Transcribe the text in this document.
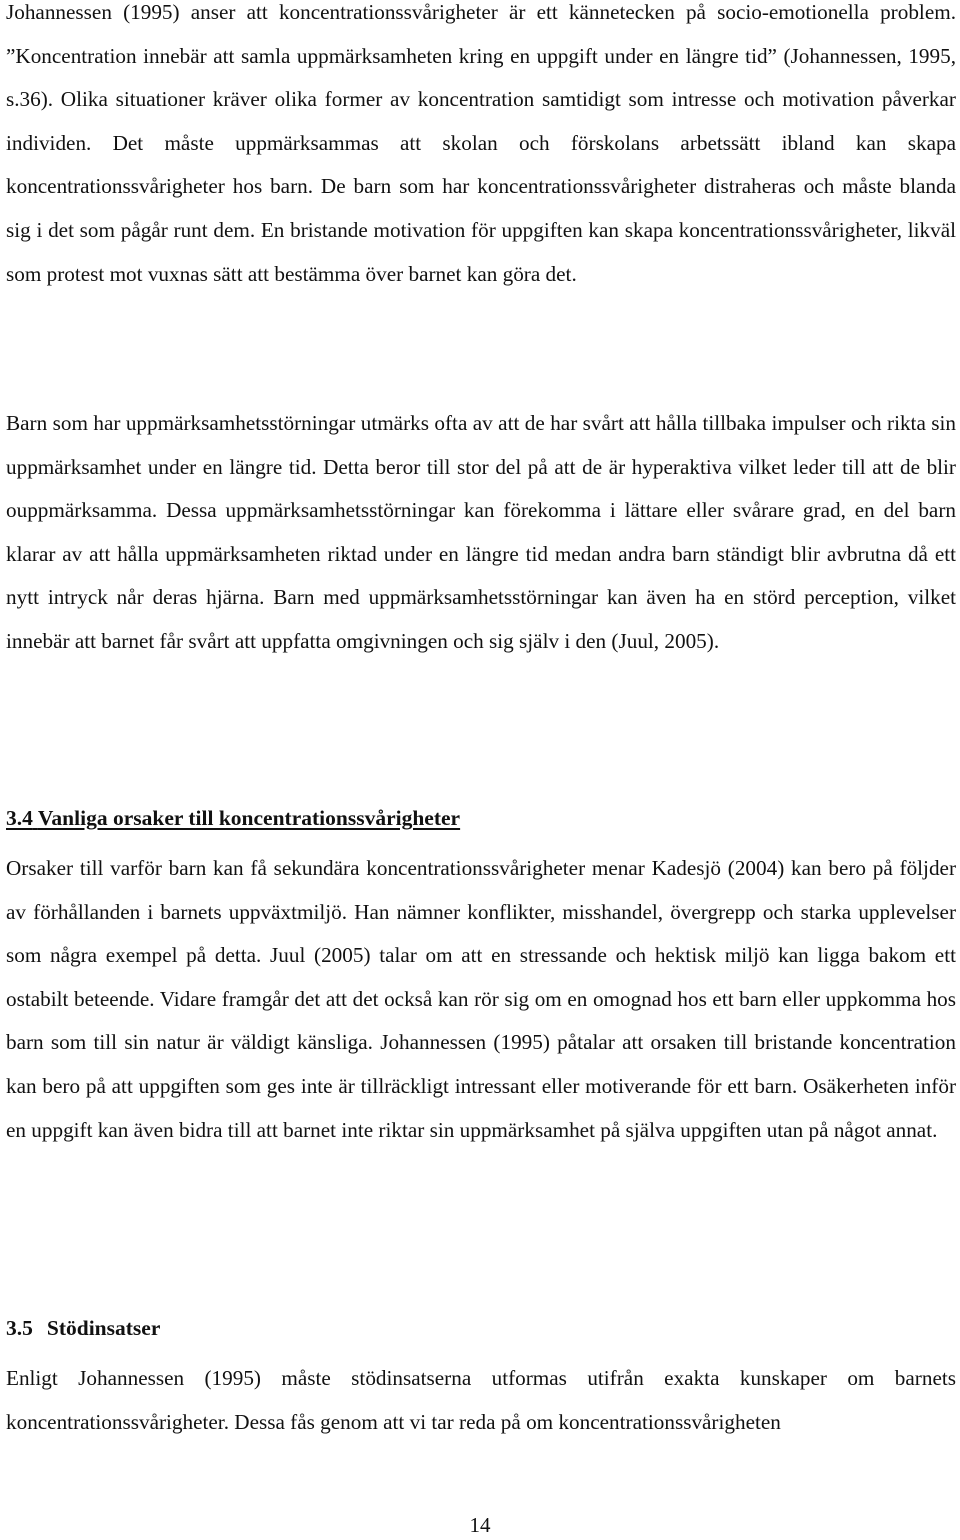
Johannessen (1995) anser att koncentrationssvårigheter är ett kännetecken på socio-emotionella problem. ”Koncentration innebär att samla uppmärksamheten kring en uppgift under en längre tid” (Johannessen, 1995, s.36). Olika situationer kräver olika former av koncentration samtidigt som intresse och motivation påverkar individen. Det måste uppmärksammas att skolan och förskolans arbetssätt ibland kan skapa koncentrationssvårigheter hos barn. De barn som har koncentrationssvårigheter distraheras och måste blanda sig i det som pågår runt dem. En bristande motivation för uppgiften kan skapa koncentrationssvårigheter, likväl som protest mot vuxnas sätt att bestämma över barnet kan göra det.

Barn som har uppmärksamhetsstörningar utmärks ofta av att de har svårt att hålla tillbaka impulser och rikta sin uppmärksamhet under en längre tid. Detta beror till stor del på att de är hyperaktiva vilket leder till att de blir ouppmärksamma. Dessa uppmärksamhetsstörningar kan förekomma i lättare eller svårare grad, en del barn klarar av att hålla uppmärksamheten riktad under en längre tid medan andra barn ständigt blir avbrutna då ett nytt intryck når deras hjärna. Barn med uppmärksamhetsstörningar kan även ha en störd perception, vilket innebär att barnet får svårt att uppfatta omgivningen och sig själv i den (Juul, 2005).

3.4 Vanliga orsaker till koncentrationssvårigheter

Orsaker till varför barn kan få sekundära koncentrationssvårigheter menar Kadesjö (2004) kan bero på följder av förhållanden i barnets uppväxtmiljö. Han nämner konflikter, misshandel, övergrepp och starka upplevelser som några exempel på detta. Juul (2005) talar om att en stressande och hektisk miljö kan ligga bakom ett ostabilt beteende. Vidare framgår det att det också kan rör sig om en omognad hos ett barn eller uppkomma hos barn som till sin natur är väldigt känsliga. Johannessen (1995) påtalar att orsaken till bristande koncentration kan bero på att uppgiften som ges inte är tillräckligt intressant eller motiverande för ett barn. Osäkerheten inför en uppgift kan även bidra till att barnet inte riktar sin uppmärksamhet på själva uppgiften utan på något annat.

3.5 Stödinsatser

Enligt Johannessen (1995) måste stödinsatserna utformas utifrån exakta kunskaper om barnets koncentrationssvårigheter. Dessa fås genom att vi tar reda på om koncentrationssvårigheten

14
